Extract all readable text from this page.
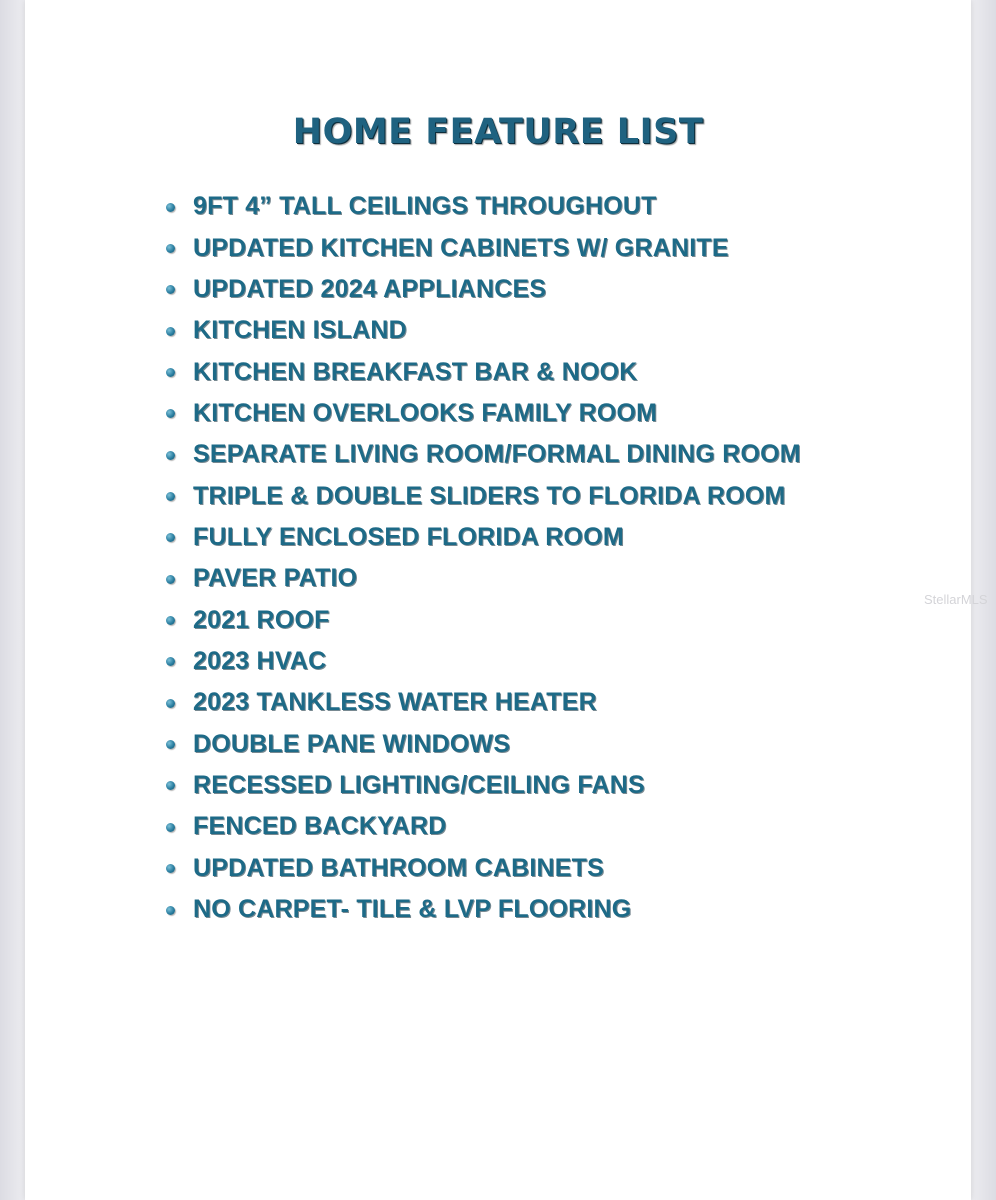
HOME FEATURE LIST
9FT 4” TALL CEILINGS THROUGHOUT
UPDATED KITCHEN CABINETS W/ GRANITE
UPDATED 2024 APPLIANCES
KITCHEN ISLAND
KITCHEN BREAKFAST BAR & NOOK
KITCHEN OVERLOOKS FAMILY ROOM
SEPARATE LIVING ROOM/FORMAL DINING ROOM
TRIPLE & DOUBLE SLIDERS TO FLORIDA ROOM
FULLY ENCLOSED FLORIDA ROOM
PAVER PATIO
2021 ROOF
2023 HVAC
2023 TANKLESS WATER HEATER
DOUBLE PANE WINDOWS
RECESSED LIGHTING/CEILING FANS
FENCED BACKYARD
UPDATED BATHROOM CABINETS
NO CARPET- TILE & LVP FLOORING
StellarMLS
